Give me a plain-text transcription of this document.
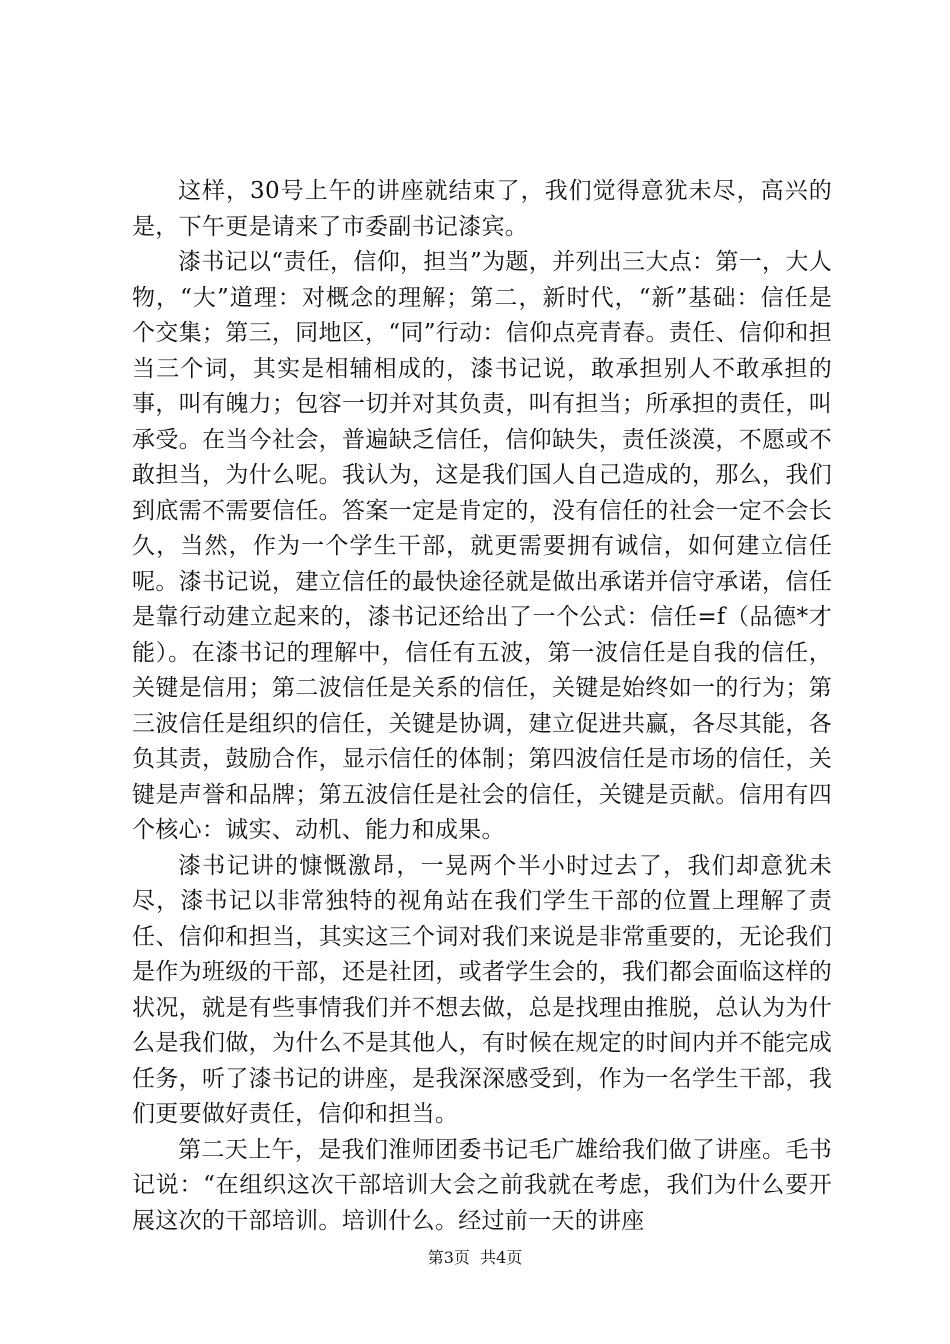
这样，30号上午的讲座就结束了，我们觉得意犹未尽，高兴的是，下午更是请来了市委副书记漆宾。

漆书记以“责任，信仰，担当”为题，并列出三大点：第一，大人物，“大”道理：对概念的理解；第二，新时代，“新”基础：信任是个交集；第三，同地区，“同”行动：信仰点亮青春。责任、信仰和担当三个词，其实是相辅相成的，漆书记说，敢承担别人不敢承担的事，叫有魄力；包容一切并对其负责，叫有担当；所承担的责任，叫承受。在当今社会，普遍缺乏信任，信仰缺失，责任淡漠，不愿或不敢担当，为什么呢。我认为，这是我们国人自己造成的，那么，我们到底需不需要信任。答案一定是肯定的，没有信任的社会一定不会长久，当然，作为一个学生干部，就更需要拥有诚信，如何建立信任呢。漆书记说，建立信任的最快途径就是做出承诺并信守承诺，信任是靠行动建立起来的，漆书记还给出了一个公式：信任=f（品德*才能）。在漆书记的理解中，信任有五波，第一波信任是自我的信任，关键是信用；第二波信任是关系的信任，关键是始终如一的行为；第三波信任是组织的信任，关键是协调，建立促进共赢，各尽其能，各负其责，鼓励合作，显示信任的体制；第四波信任是市场的信任，关键是声誉和品牌；第五波信任是社会的信任，关键是贡献。信用有四个核心：诚实、动机、能力和成果。

漆书记讲的慷慨激昂，一晃两个半小时过去了，我们却意犹未尽，漆书记以非常独特的视角站在我们学生干部的位置上理解了责任、信仰和担当，其实这三个词对我们来说是非常重要的，无论我们是作为班级的干部，还是社团，或者学生会的，我们都会面临这样的状况，就是有些事情我们并不想去做，总是找理由推脱，总认为为什么是我们做，为什么不是其他人，有时候在规定的时间内并不能完成任务，听了漆书记的讲座，是我深深感受到，作为一名学生干部，我们更要做好责任，信仰和担当。

第二天上午，是我们淮师团委书记毛广雄给我们做了讲座。毛书记说：“在组织这次干部培训大会之前我就在考虑，我们为什么要开展这次的干部培训。培训什么。经过前一天的讲座

第3页  共4页
